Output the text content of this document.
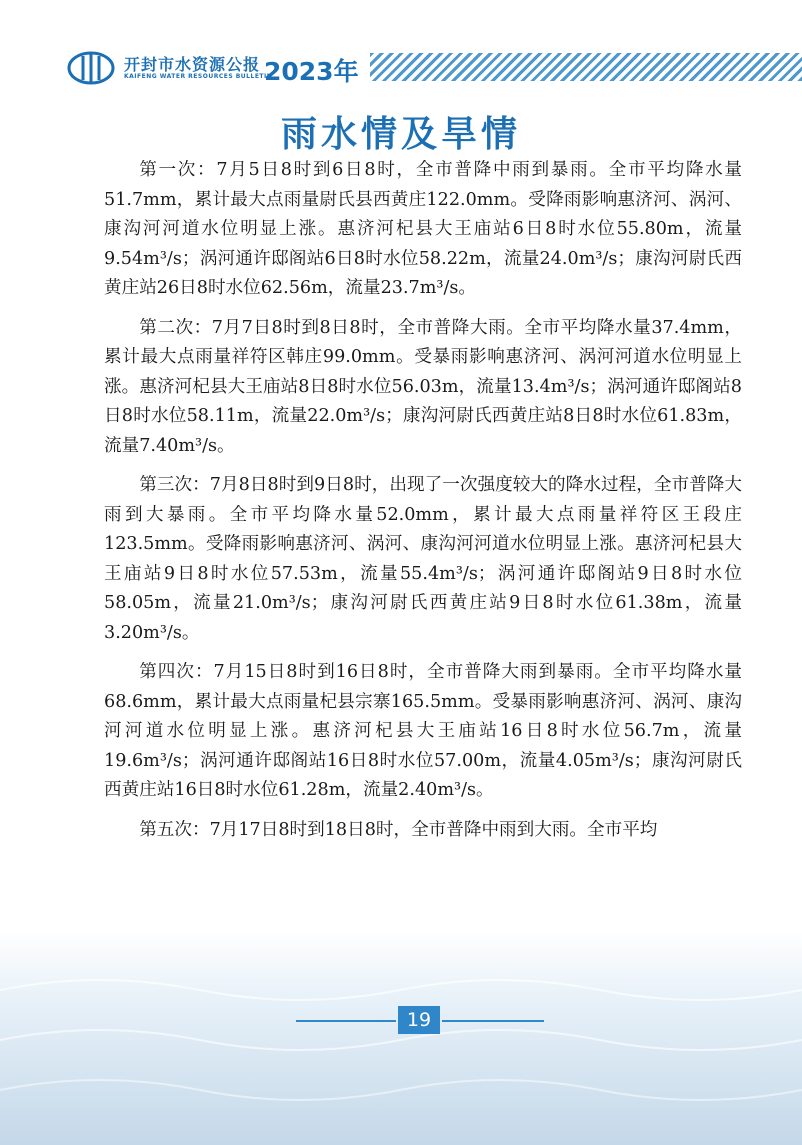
开封市水资源公报
KAIFENG WATER RESOURCES BULLETIN
2023年
雨水情及旱情

第一次：7月5日8时到6日8时，全市普降中雨到暴雨。全市平均降水量51.7mm，累计最大点雨量尉氏县西黄庄122.0mm。受降雨影响惠济河、涡河、康沟河河道水位明显上涨。惠济河杞县大王庙站6日8时水位55.80m，流量9.54m³/s；涡河通许邸阁站6日8时水位58.22m，流量24.0m³/s；康沟河尉氏西黄庄站26日8时水位62.56m，流量23.7m³/s。

第二次：7月7日8时到8日8时，全市普降大雨。全市平均降水量37.4mm，累计最大点雨量祥符区韩庄99.0mm。受暴雨影响惠济河、涡河河道水位明显上涨。惠济河杞县大王庙站8日8时水位56.03m，流量13.4m³/s；涡河通许邸阁站8日8时水位58.11m，流量22.0m³/s；康沟河尉氏西黄庄站8日8时水位61.83m，流量7.40m³/s。

第三次：7月8日8时到9日8时，出现了一次强度较大的降水过程，全市普降大雨到大暴雨。全市平均降水量52.0mm，累计最大点雨量祥符区王段庄123.5mm。受降雨影响惠济河、涡河、康沟河河道水位明显上涨。惠济河杞县大王庙站9日8时水位57.53m，流量55.4m³/s；涡河通许邸阁站9日8时水位58.05m，流量21.0m³/s；康沟河尉氏西黄庄站9日8时水位61.38m，流量3.20m³/s。

第四次：7月15日8时到16日8时，全市普降大雨到暴雨。全市平均降水量68.6mm，累计最大点雨量杞县宗寨165.5mm。受暴雨影响惠济河、涡河、康沟河河道水位明显上涨。惠济河杞县大王庙站16日8时水位56.7m，流量19.6m³/s；涡河通许邸阁站16日8时水位57.00m，流量4.05m³/s；康沟河尉氏西黄庄站16日8时水位61.28m，流量2.40m³/s。

第五次：7月17日8时到18日8时，全市普降中雨到大雨。全市平均

19
